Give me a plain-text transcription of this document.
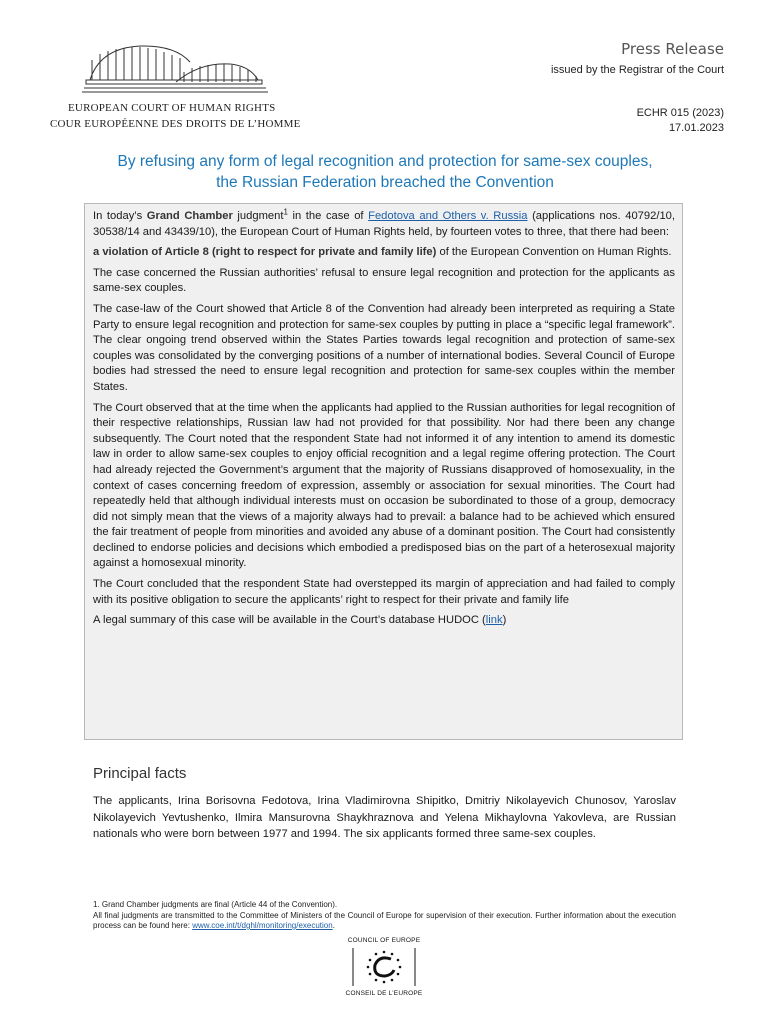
EUROPEAN COURT OF HUMAN RIGHTS
COUR EUROPÉENNE DES DROITS DE L’HOMME
Press Release
issued by the Registrar of the Court
ECHR 015 (2023)
17.01.2023
By refusing any form of legal recognition and protection for same-sex couples,
the Russian Federation breached the Convention

In today’s Grand Chamber judgment$^1$ in the case of Fedotova and Others v. Russia (applications nos. 40792/10, 30538/14 and 43439/10), the European Court of Human Rights held, by fourteen votes to three, that there had been:

a violation of Article 8 (right to respect for private and family life) of the European Convention on Human Rights.

The case concerned the Russian authorities’ refusal to ensure legal recognition and protection for the applicants as same-sex couples.

The case-law of the Court showed that Article 8 of the Convention had already been interpreted as requiring a State Party to ensure legal recognition and protection for same-sex couples by putting in place a “specific legal framework”. The clear ongoing trend observed within the States Parties towards legal recognition and protection of same-sex couples was consolidated by the converging positions of a number of international bodies. Several Council of Europe bodies had stressed the need to ensure legal recognition and protection for same-sex couples within the member States.

The Court observed that at the time when the applicants had applied to the Russian authorities for legal recognition of their respective relationships, Russian law had not provided for that possibility. Nor had there been any change subsequently. The Court noted that the respondent State had not informed it of any intention to amend its domestic law in order to allow same-sex couples to enjoy official recognition and a legal regime offering protection. The Court had already rejected the Government’s argument that the majority of Russians disapproved of homosexuality, in the context of cases concerning freedom of expression, assembly or association for sexual minorities. The Court had repeatedly held that although individual interests must on occasion be subordinated to those of a group, democracy did not simply mean that the views of a majority always had to prevail: a balance had to be achieved which ensured the fair treatment of people from minorities and avoided any abuse of a dominant position. The Court had consistently declined to endorse policies and decisions which embodied a predisposed bias on the part of a heterosexual majority against a homosexual minority.

The Court concluded that the respondent State had overstepped its margin of appreciation and had failed to comply with its positive obligation to secure the applicants’ right to respect for their private and family life

A legal summary of this case will be available in the Court’s database HUDOC (link)

Principal facts
The applicants, Irina Borisovna Fedotova, Irina Vladimirovna Shipitko, Dmitriy Nikolayevich Chunosov, Yaroslav Nikolayevich Yevtushenko, Ilmira Mansurovna Shaykhraznova and Yelena Mikhaylovna Yakovleva, are Russian nationals who were born between 1977 and 1994. The six applicants formed three same-sex couples.

1. Grand Chamber judgments are final (Article 44 of the Convention).

All final judgments are transmitted to the Committee of Ministers of the Council of Europe for supervision of their execution. Further information about the execution process can be found here: www.coe.int/t/dghl/monitoring/execution.

COUNCIL OF EUROPE
CONSEIL DE L’EUROPE
